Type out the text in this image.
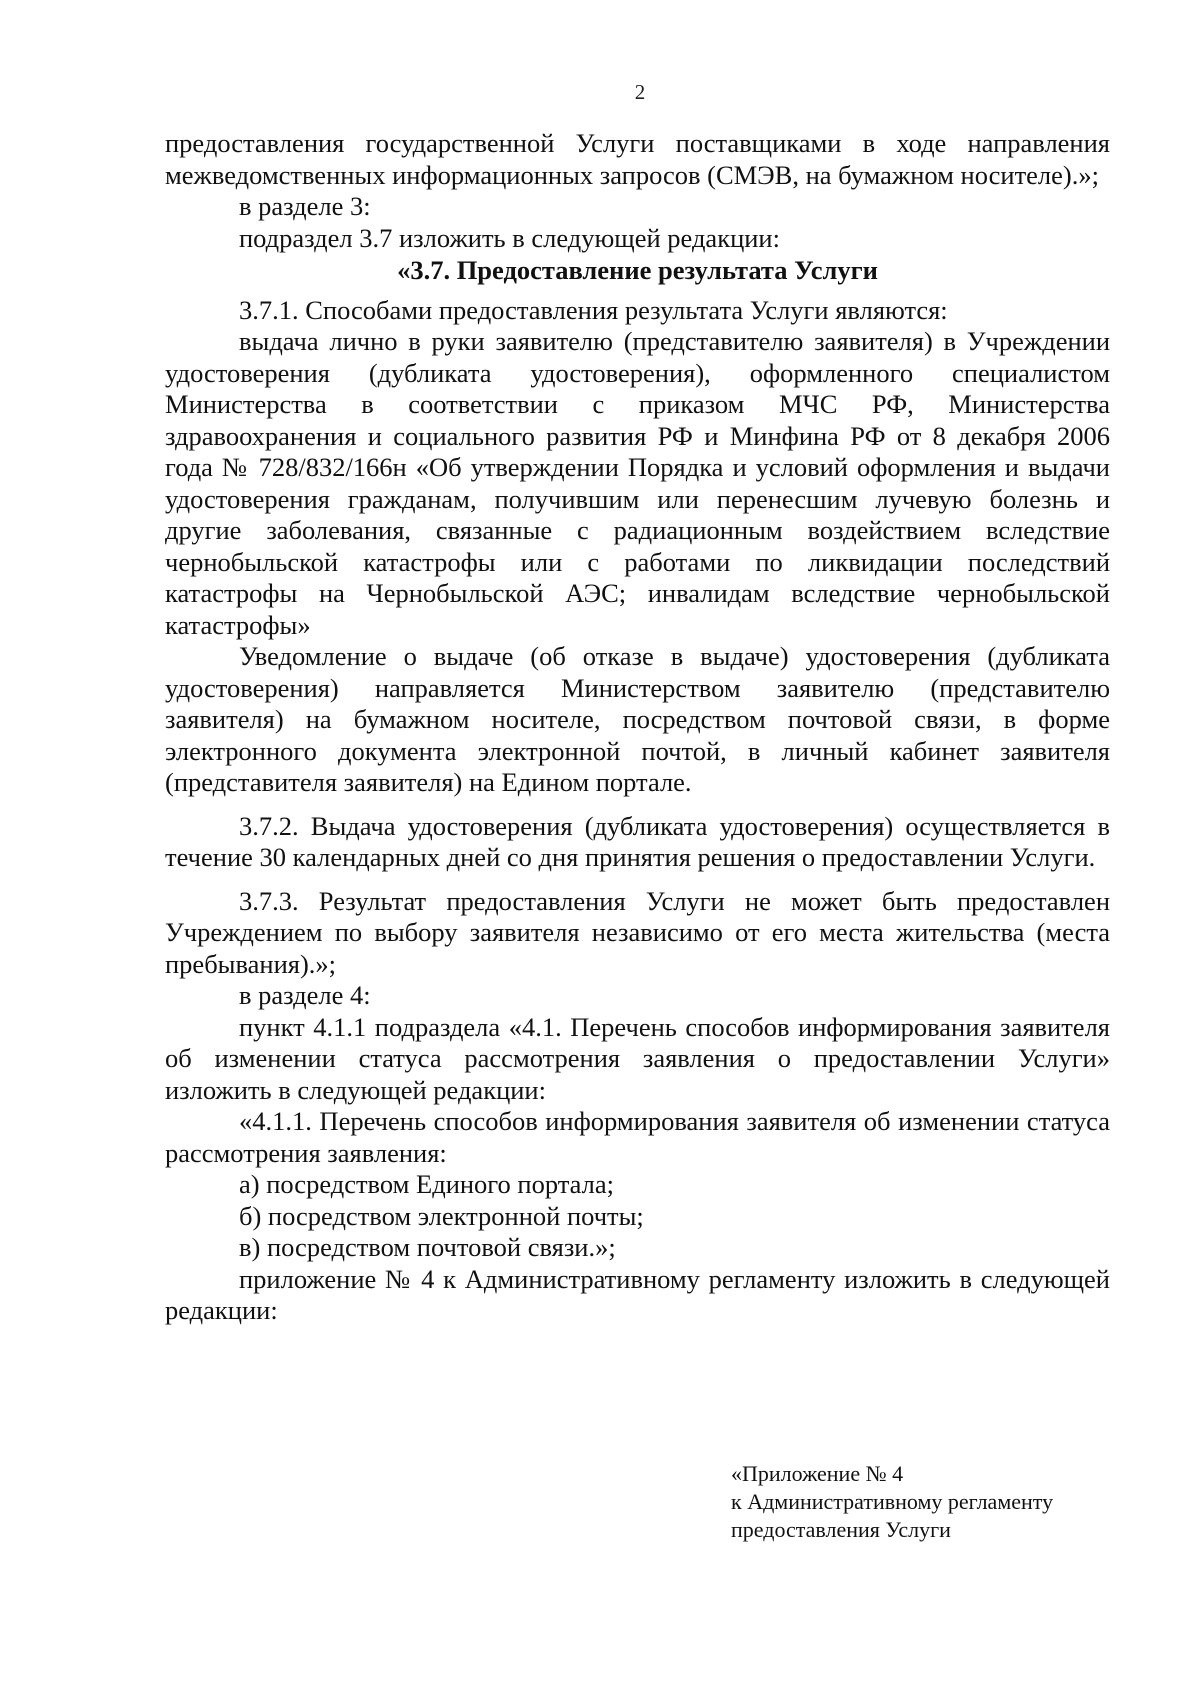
2

предоставления государственной Услуги поставщиками в ходе направления межведомственных информационных запросов (СМЭВ, на бумажном носителе).»;

в разделе 3:

подраздел 3.7 изложить в следующей редакции:

«3.7. Предоставление результата Услуги

3.7.1. Способами предоставления результата Услуги являются:

выдача лично в руки заявителю (представителю заявителя) в Учреждении удостоверения (дубликата удостоверения), оформленного специалистом Министерства в соответствии с приказом МЧС РФ, Министерства здравоохранения и социального развития РФ и Минфина РФ от 8 декабря 2006 года № 728/832/166н «Об утверждении Порядка и условий оформления и выдачи удостоверения гражданам, получившим или перенесшим лучевую болезнь и другие заболевания, связанные с радиационным воздействием вследствие чернобыльской катастрофы или с работами по ликвидации последствий катастрофы на Чернобыльской АЭС; инвалидам вследствие чернобыльской катастрофы»

Уведомление о выдаче (об отказе в выдаче) удостоверения (дубликата удостоверения) направляется Министерством заявителю (представителю заявителя) на бумажном носителе, посредством почтовой связи, в форме электронного документа электронной почтой, в личный кабинет заявителя (представителя заявителя) на Едином портале.

3.7.2. Выдача удостоверения (дубликата удостоверения) осуществляется в течение 30 календарных дней со дня принятия решения о предоставлении Услуги.

3.7.3. Результат предоставления Услуги не может быть предоставлен Учреждением по выбору заявителя независимо от его места жительства (места пребывания).»;

в разделе 4:

пункт 4.1.1 подраздела «4.1. Перечень способов информирования заявителя об изменении статуса рассмотрения заявления о предоставлении Услуги» изложить в следующей редакции:

«4.1.1. Перечень способов информирования заявителя об изменении статуса рассмотрения заявления:

а) посредством Единого портала;

б) посредством электронной почты;

в) посредством почтовой связи.»;

приложение № 4 к Административному регламенту изложить в следующей редакции:

«Приложение № 4
к Административному регламенту
предоставления Услуги
